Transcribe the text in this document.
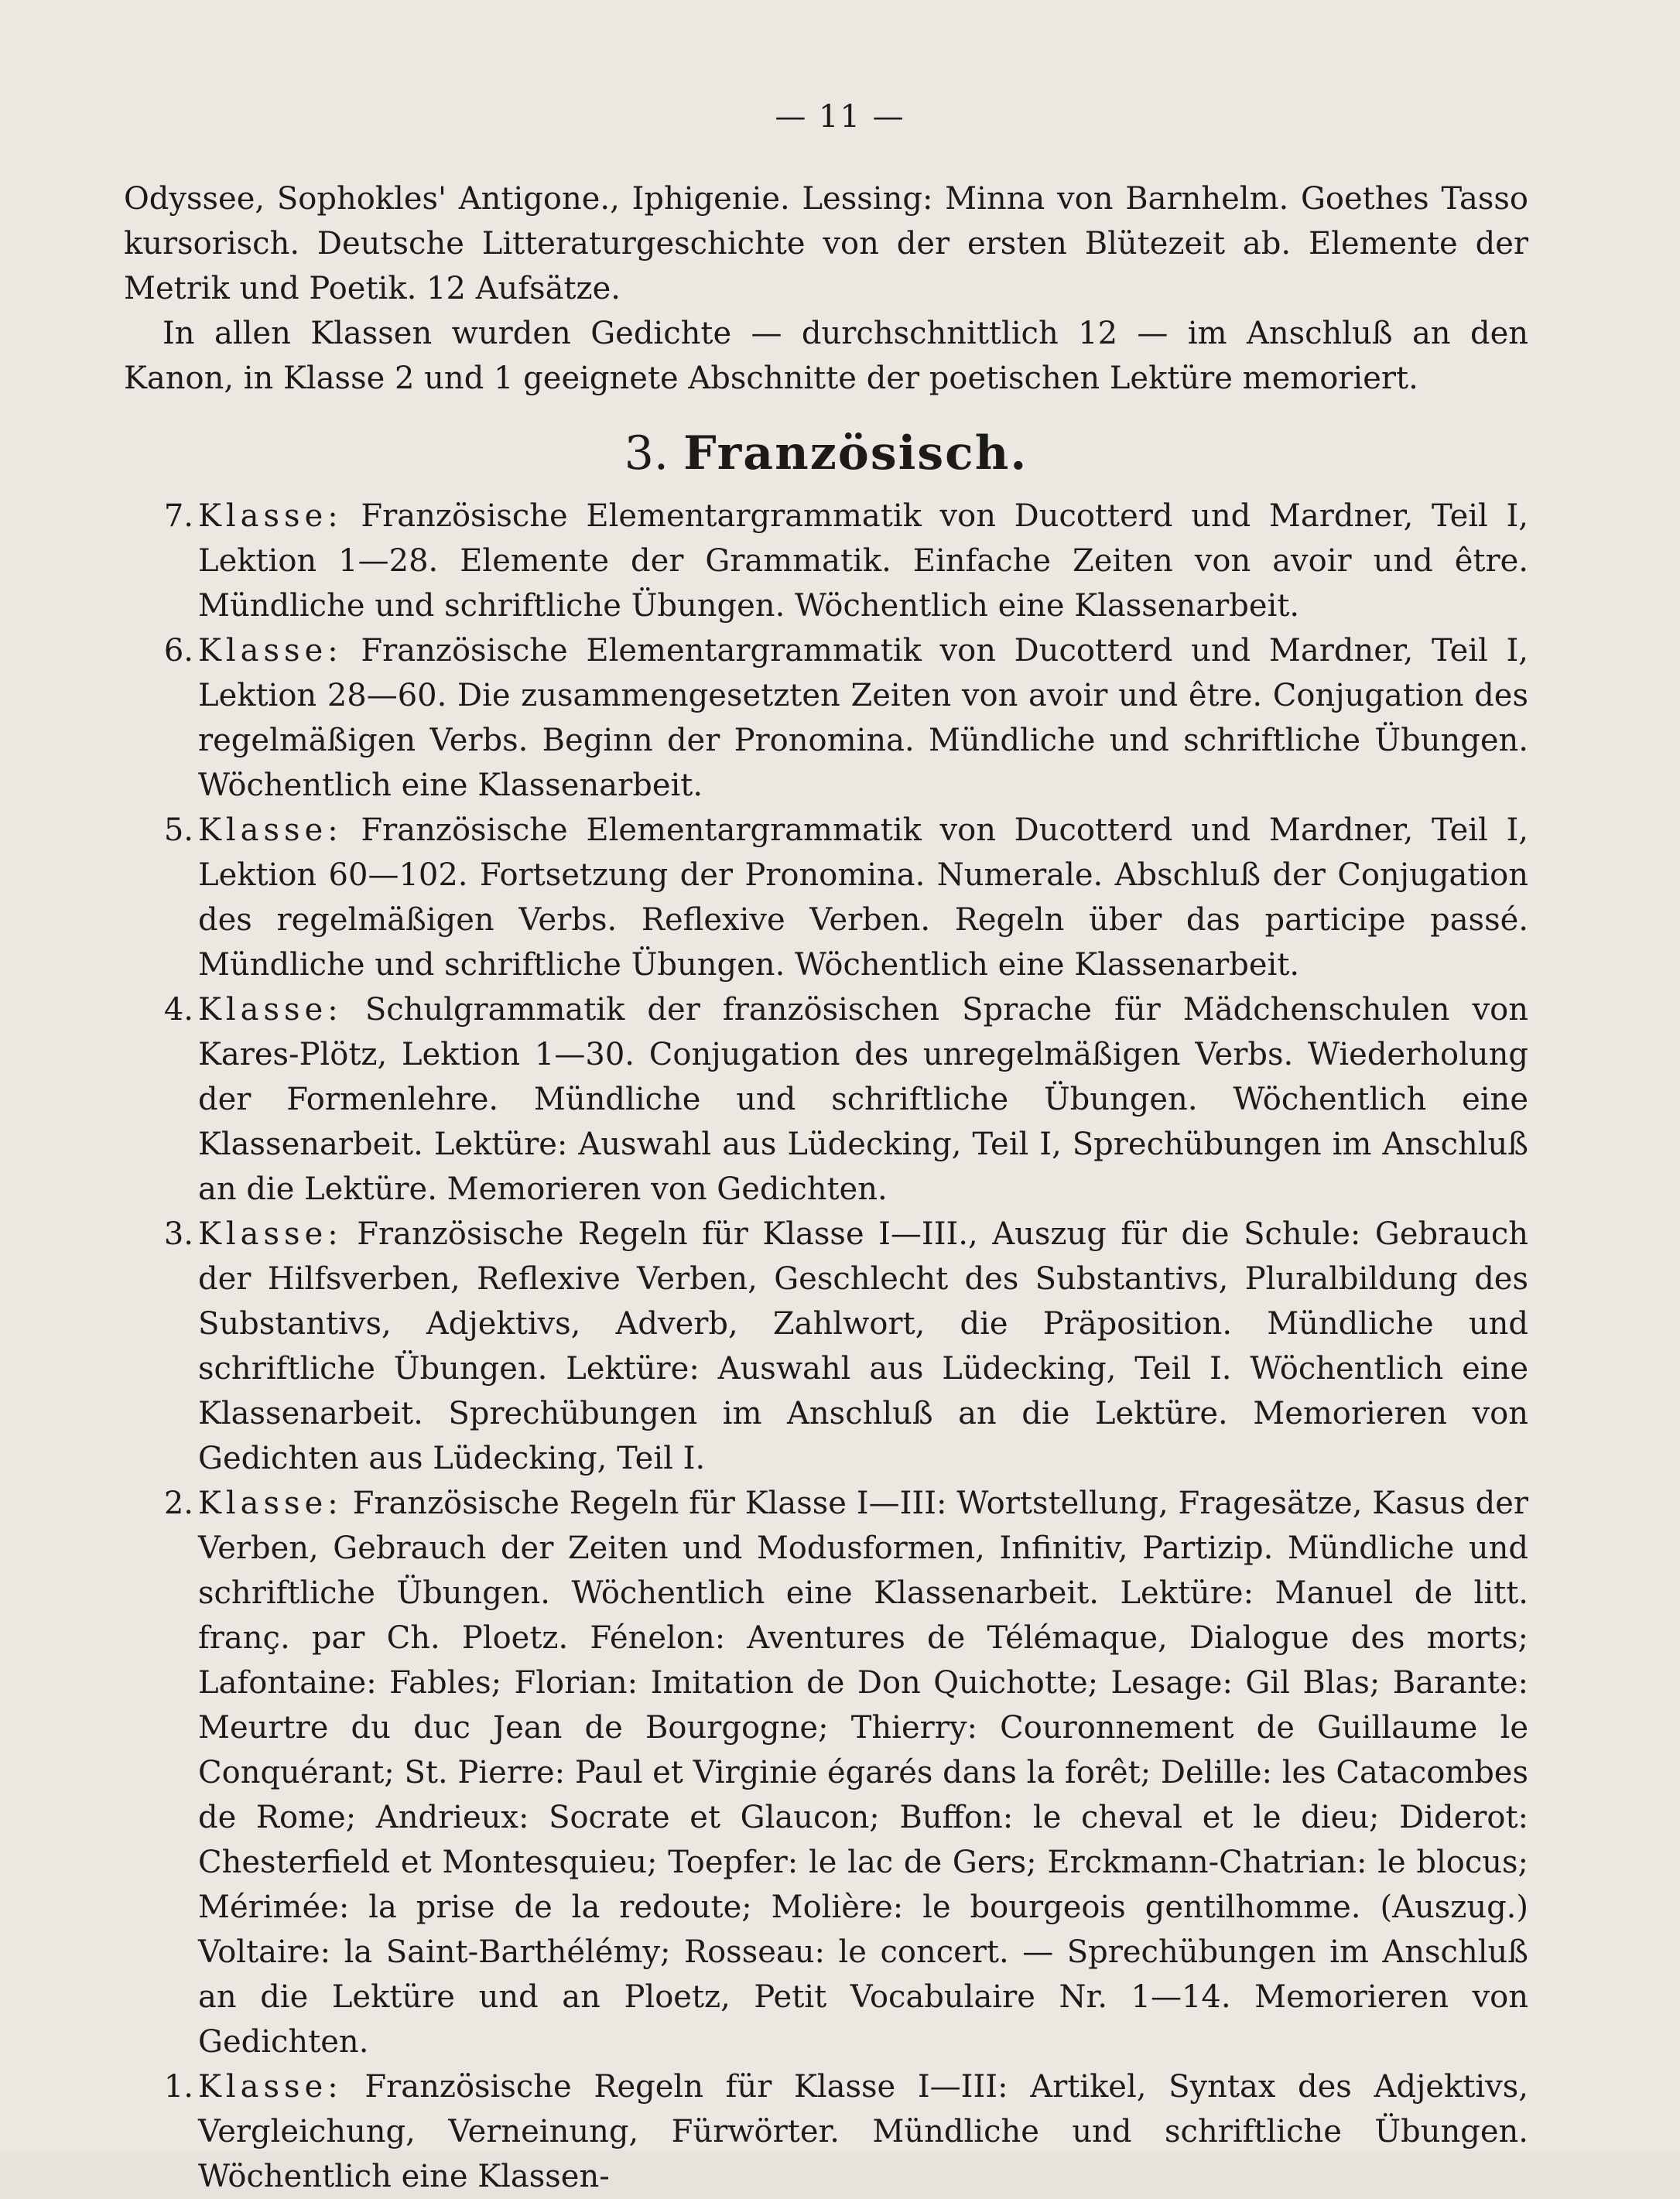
— 11 —

Odyssee, Sophokles' Antigone., Iphigenie. Lessing: Minna von Barnhelm. Goethes Tasso kursorisch. Deutsche Litteraturgeschichte von der ersten Blütezeit ab. Elemente der Metrik und Poetik. 12 Aufsätze.

In allen Klassen wurden Gedichte — durchschnittlich 12 — im Anschluß an den Kanon, in Klasse 2 und 1 geeignete Abschnitte der poetischen Lektüre memoriert.

3. Französisch.

7. Klasse: Französische Elementargrammatik von Ducotterd und Mardner, Teil I, Lektion 1—28. Elemente der Grammatik. Einfache Zeiten von avoir und être. Mündliche und schriftliche Übungen. Wöchentlich eine Klassenarbeit.

6. Klasse: Französische Elementargrammatik von Ducotterd und Mardner, Teil I, Lektion 28—60. Die zusammengesetzten Zeiten von avoir und être. Conjugation des regelmäßigen Verbs. Beginn der Pronomina. Mündliche und schriftliche Übungen. Wöchentlich eine Klassenarbeit.

5. Klasse: Französische Elementargrammatik von Ducotterd und Mardner, Teil I, Lektion 60—102. Fortsetzung der Pronomina. Numerale. Abschluß der Conjugation des regelmäßigen Verbs. Reflexive Verben. Regeln über das participe passé. Mündliche und schriftliche Übungen. Wöchentlich eine Klassenarbeit.

4. Klasse: Schulgrammatik der französischen Sprache für Mädchenschulen von Kares-Plötz, Lektion 1—30. Conjugation des unregelmäßigen Verbs. Wiederholung der Formenlehre. Mündliche und schriftliche Übungen. Wöchentlich eine Klassenarbeit. Lektüre: Auswahl aus Lüdecking, Teil I, Sprechübungen im Anschluß an die Lektüre. Memorieren von Gedichten.

3. Klasse: Französische Regeln für Klasse I—III., Auszug für die Schule: Gebrauch der Hilfsverben, Reflexive Verben, Geschlecht des Substantivs, Pluralbildung des Substantivs, Adjektivs, Adverb, Zahlwort, die Präposition. Mündliche und schriftliche Übungen. Lektüre: Auswahl aus Lüdecking, Teil I. Wöchentlich eine Klassenarbeit. Sprechübungen im Anschluß an die Lektüre. Memorieren von Gedichten aus Lüdecking, Teil I.

2. Klasse: Französische Regeln für Klasse I—III: Wortstellung, Fragesätze, Kasus der Verben, Gebrauch der Zeiten und Modusformen, Infinitiv, Partizip. Mündliche und schriftliche Übungen. Wöchentlich eine Klassenarbeit. Lektüre: Manuel de litt. franç. par Ch. Ploetz. Fénelon: Aventures de Télémaque, Dialogue des morts; Lafontaine: Fables; Florian: Imitation de Don Quichotte; Lesage: Gil Blas; Barante: Meurtre du duc Jean de Bourgogne; Thierry: Couronnement de Guillaume le Conquérant; St. Pierre: Paul et Virginie égarés dans la forêt; Delille: les Catacombes de Rome; Andrieux: Socrate et Glaucon; Buffon: le cheval et le dieu; Diderot: Chesterfield et Montesquieu; Toepfer: le lac de Gers; Erckmann-Chatrian: le blocus; Mérimée: la prise de la redoute; Molière: le bourgeois gentilhomme. (Auszug.) Voltaire: la Saint-Barthélémy; Rosseau: le concert. — Sprechübungen im Anschluß an die Lektüre und an Ploetz, Petit Vocabulaire Nr. 1—14. Memorieren von Gedichten.

1. Klasse: Französische Regeln für Klasse I—III: Artikel, Syntax des Adjektivs, Vergleichung, Verneinung, Fürwörter. Mündliche und schriftliche Übungen. Wöchentlich eine Klassen-
